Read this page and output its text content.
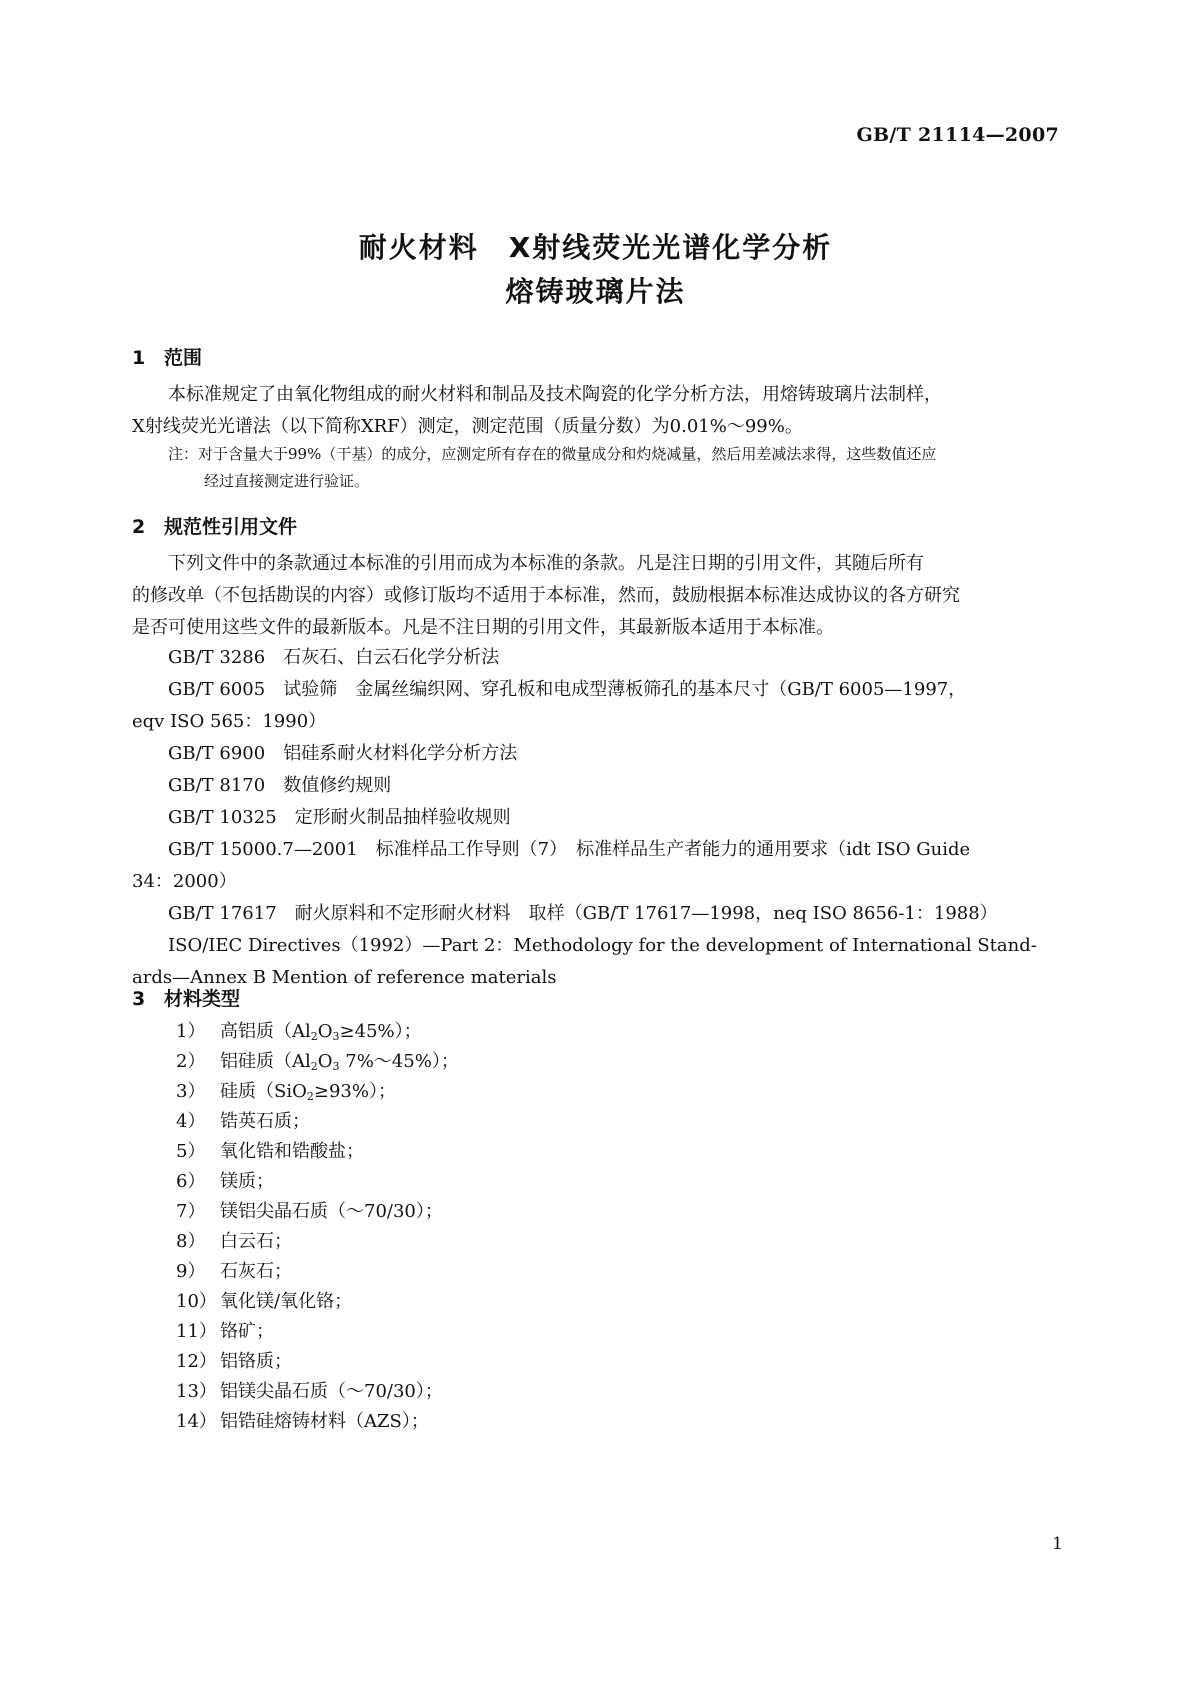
GB/T 21114—2007
耐火材料　X射线荧光光谱化学分析
熔铸玻璃片法
1 范围
本标准规定了由氧化物组成的耐火材料和制品及技术陶瓷的化学分析方法，用熔铸玻璃片法制样，
X射线荧光光谱法（以下简称XRF）测定，测定范围（质量分数）为0.01%～99%。
注：对于含量大于99%（干基）的成分，应测定所有存在的微量成分和灼烧减量，然后用差减法求得，这些数值还应
经过直接测定进行验证。
2 规范性引用文件
下列文件中的条款通过本标准的引用而成为本标准的条款。凡是注日期的引用文件，其随后所有
的修改单（不包括勘误的内容）或修订版均不适用于本标准，然而，鼓励根据本标准达成协议的各方研究
是否可使用这些文件的最新版本。凡是不注日期的引用文件，其最新版本适用于本标准。
GB/T 3286　石灰石、白云石化学分析法
GB/T 6005　试验筛　金属丝编织网、穿孔板和电成型薄板筛孔的基本尺寸（GB/T 6005—1997，
eqv ISO 565：1990）
GB/T 6900　铝硅系耐火材料化学分析方法
GB/T 8170　数值修约规则
GB/T 10325　定形耐火制品抽样验收规则
GB/T 15000.7—2001　标准样品工作导则（7）　标准样品生产者能力的通用要求（idt ISO Guide
34：2000）
GB/T 17617　耐火原料和不定形耐火材料　取样（GB/T 17617—1998，neq ISO 8656-1：1988）
ISO/IEC Directives（1992）—Part 2：Methodology for the development of International Stand-
ards—Annex B Mention of reference materials
3 材料类型
1） 高铝质$(Al_2O_3\ge 45\%)$；
2） 铝硅质（$Al_2O_3$ 7%～45%）；
3） 硅质（SiO$_2$≥93%）；
4） 锆英石质；
5） 氧化锆和锆酸盐；
6） 镁质；
7） 镁铝尖晶石质（～70/30）；
8） 白云石；
9） 石灰石；
10） 氧化镁/氧化铬；
11） 铬矿；
12） 铝铬质；
13） 铝镁尖晶石质（～70/30）；
14） 铝锆硅熔铸材料（AZS）；
1
